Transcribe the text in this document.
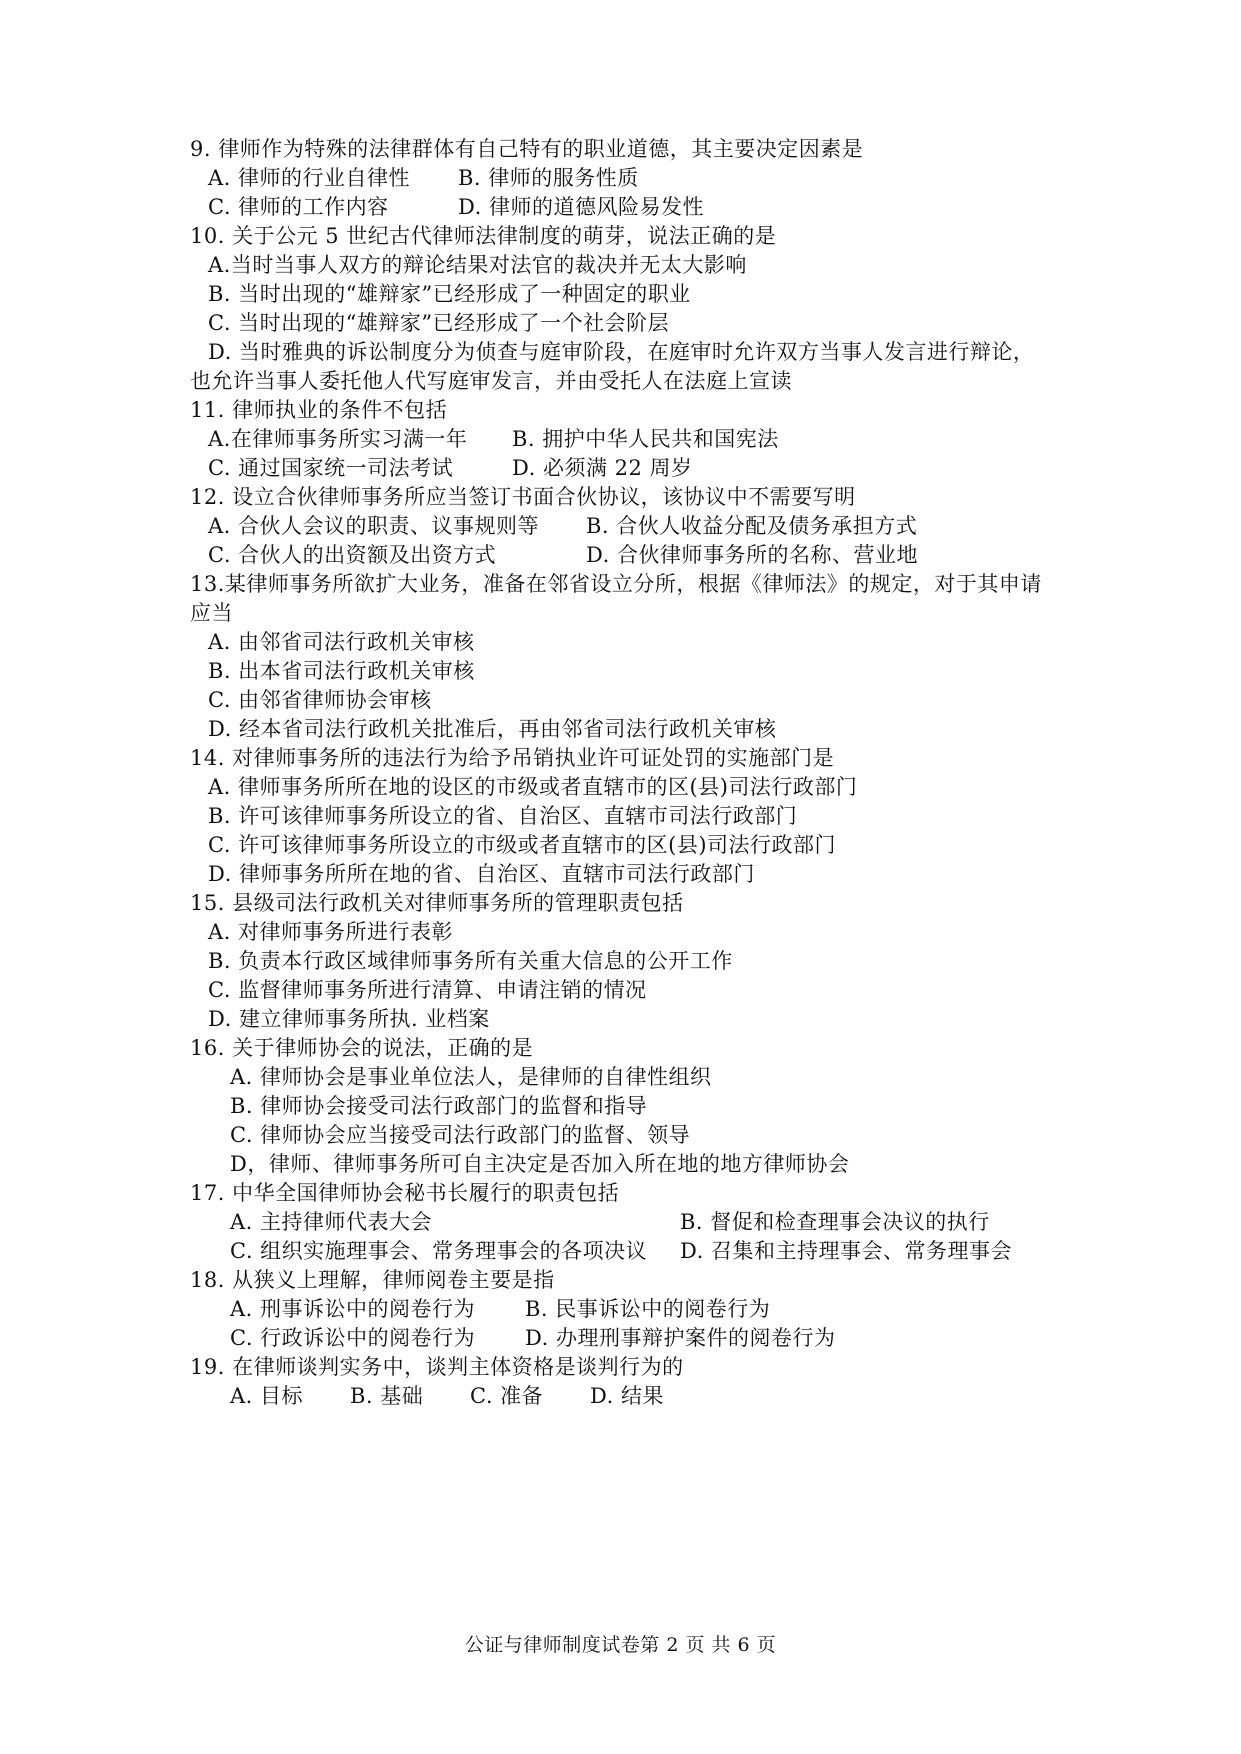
9. 律师作为特殊的法律群体有自己特有的职业道德，其主要决定因素是
A. 律师的行业自律性 B. 律师的服务性质
C. 律师的工作内容	D. 律师的道德风险易发性
10. 关于公元 5 世纪古代律师法律制度的萌芽，说法正确的是
A.当时当事人双方的辩论结果对法官的裁决并无太大影响
B. 当时出现的“雄辩家”已经形成了一种固定的职业
C. 当时出现的“雄辩家”已经形成了一个社会阶层
D. 当时雅典的诉讼制度分为侦查与庭审阶段，在庭审时允许双方当事人发言进行辩论，
也允许当事人委托他人代写庭审发言，并由受托人在法庭上宣读
11. 律师执业的条件不包括
A.在律师事务所实习满一年 B. 拥护中华人民共和国宪法
C. 通过国家统一司法考试	D. 必须满 22 周岁
12. 设立合伙律师事务所应当签订书面合伙协议，该协议中不需要写明
A. 合伙人会议的职责、议事规则等 B. 合伙人收益分配及债务承担方式
C. 合伙人的出资额及出资方式	D. 合伙律师事务所的名称、营业地
13.某律师事务所欲扩大业务，准备在邻省设立分所，根据《律师法》的规定，对于其申请
应当
A. 由邻省司法行政机关审核
B. 出本省司法行政机关审核
C. 由邻省律师协会审核
D. 经本省司法行政机关批准后，再由邻省司法行政机关审核
14. 对律师事务所的违法行为给予吊销执业许可证处罚的实施部门是
A. 律师事务所所在地的设区的市级或者直辖市的区(县)司法行政部门
B. 许可该律师事务所设立的省、自治区、直辖市司法行政部门
C. 许可该律师事务所设立的市级或者直辖市的区(县)司法行政部门
D. 律师事务所所在地的省、自治区、直辖市司法行政部门
15. 县级司法行政机关对律师事务所的管理职责包括
A. 对律师事务所进行表彰
B. 负责本行政区域律师事务所有关重大信息的公开工作
C. 监督律师事务所进行清算、申请注销的情况
D. 建立律师事务所执. 业档案
16. 关于律师协会的说法，正确的是
A. 律师协会是事业单位法人，是律师的自律性组织
B. 律师协会接受司法行政部门的监督和指导
C. 律师协会应当接受司法行政部门的监督、领导
D，律师、律师事务所可自主决定是否加入所在地的地方律师协会
17. 中华全国律师协会秘书长履行的职责包括
A. 主持律师代表大会	B. 督促和检查理事会决议的执行
C. 组织实施理事会、常务理事会的各项决议 D. 召集和主持理事会、常务理事会
18. 从狭义上理解，律师阅卷主要是指
A. 刑事诉讼中的阅卷行为 B. 民事诉讼中的阅卷行为
C. 行政诉讼中的阅卷行为 D. 办理刑事辩护案件的阅卷行为
19. 在律师谈判实务中，谈判主体资格是谈判行为的
A. 目标 B. 基础 C. 准备 D. 结果
公证与律师制度试卷第 2 页 共 6 页
